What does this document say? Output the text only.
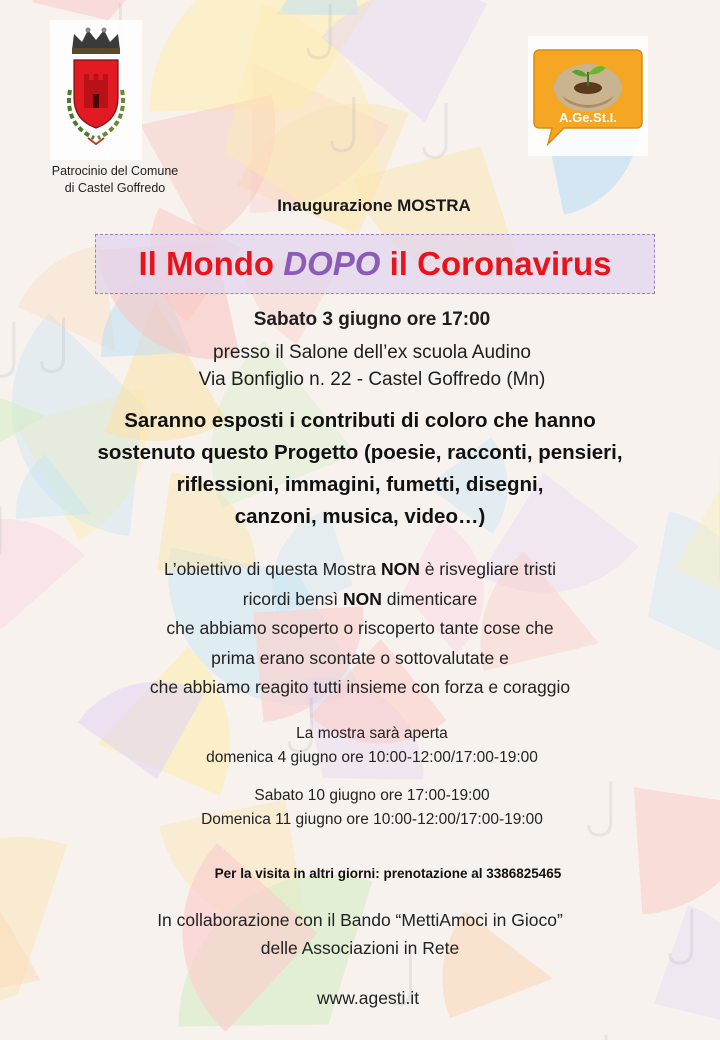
Patrocinio del Comune
di Castel Goffredo
A.Ge.St.I.
Inaugurazione MOSTRA
Il Mondo DOPO il Coronavirus
Sabato 3 giugno ore 17:00
presso il Salone dell’ex scuola Audino
Via Bonfiglio n. 22 - Castel Goffredo (Mn)
Saranno esposti i contributi di coloro che hanno
sostenuto questo Progetto (poesie, racconti, pensieri,
riflessioni, immagini, fumetti, disegni,
canzoni, musica, video…)
L’obiettivo di questa Mostra NON è risvegliare tristi
ricordi bensì NON dimenticare
che abbiamo scoperto o riscoperto tante cose che
prima erano scontate o sottovalutate e
che abbiamo reagito tutti insieme con forza e coraggio
La mostra sarà aperta
domenica 4 giugno ore 10:00-12:00/17:00-19:00
Sabato 10 giugno ore 17:00-19:00
Domenica 11 giugno ore 10:00-12:00/17:00-19:00
Per la visita in altri giorni: prenotazione al 3386825465
In collaborazione con il Bando “MettiAmoci in Gioco”
delle Associazioni in Rete
www.agesti.it
